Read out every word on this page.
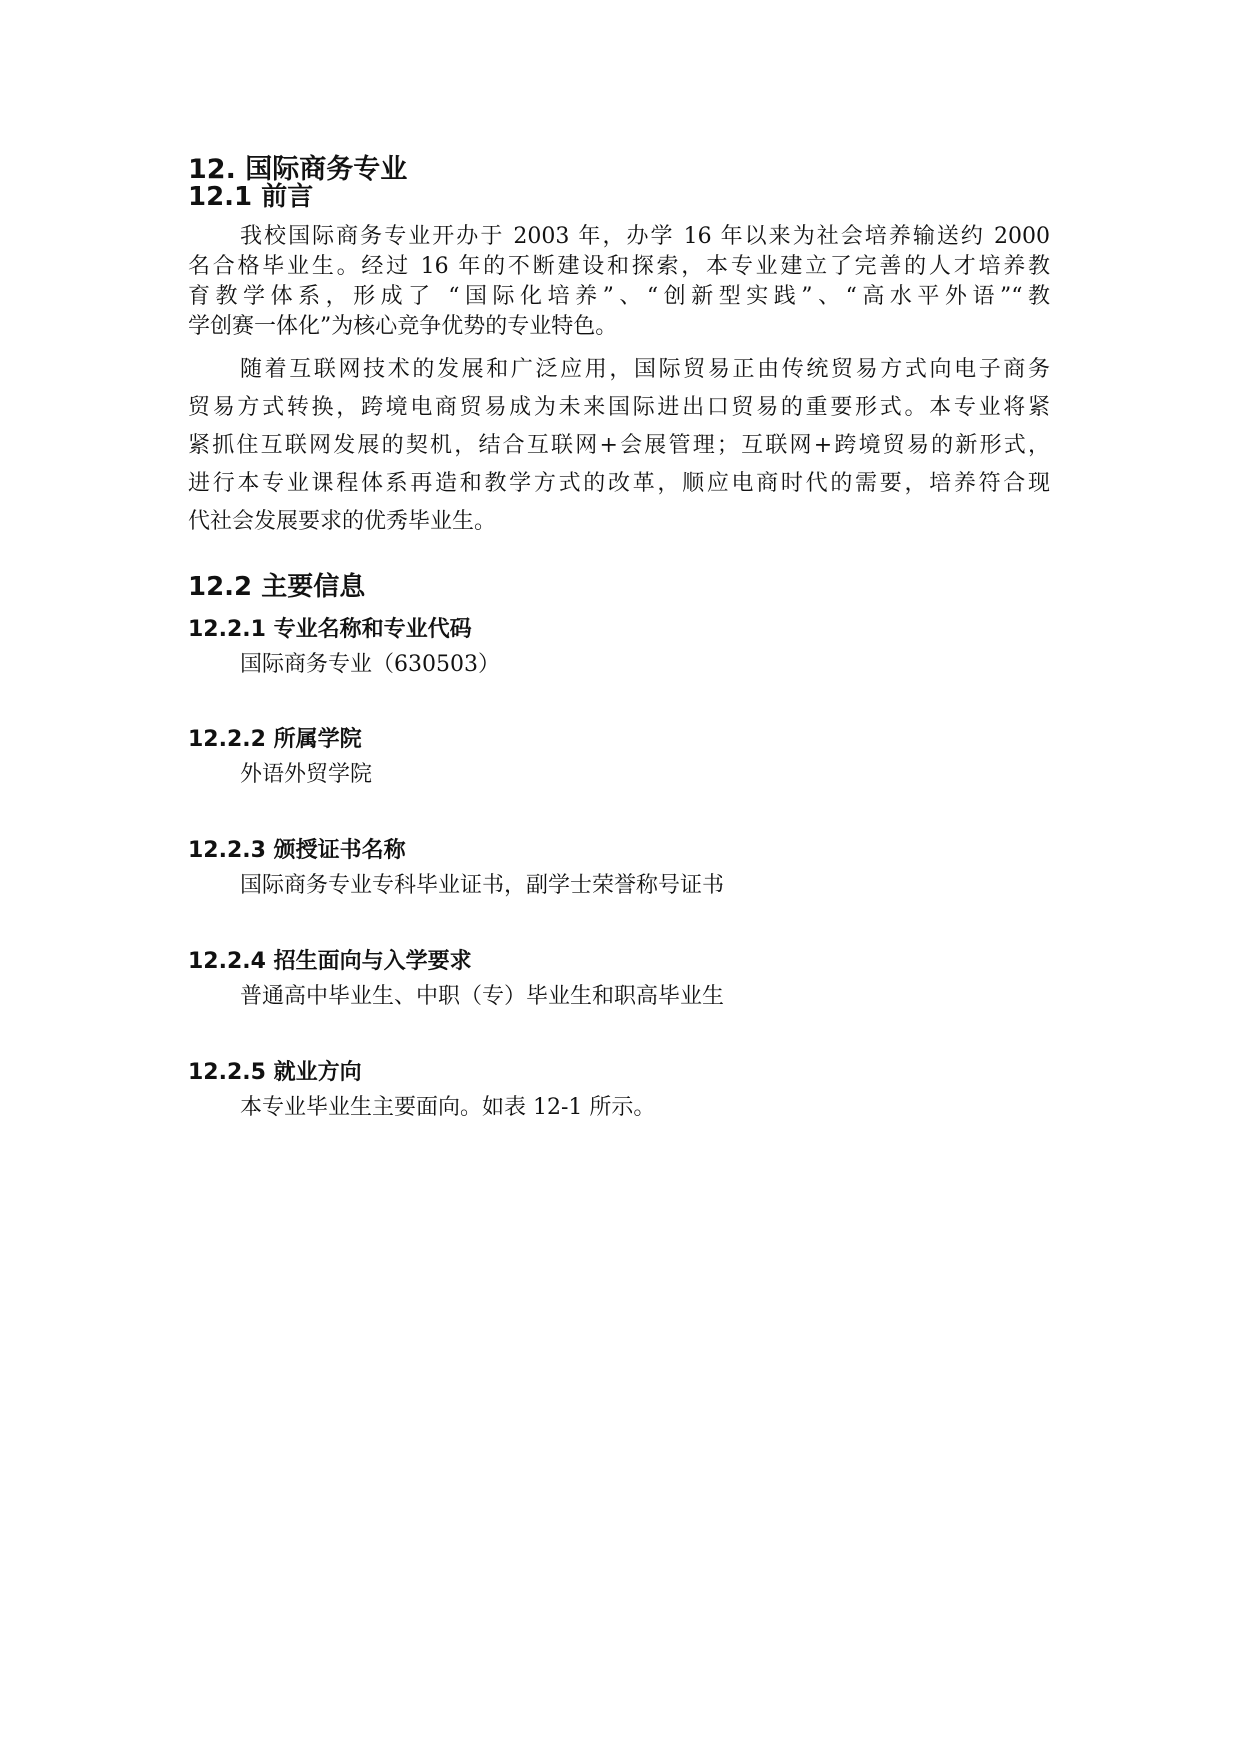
12. 国际商务专业
12.1 前言
我校国际商务专业开办于 2003 年，办学 16 年以来为社会培养输送约 2000
名合格毕业生。经过 16 年的不断建设和探索，本专业建立了完善的人才培养教
育教学体系，形成了 “国际化培养”、“创新型实践”、“高水平外语”“教
学创赛一体化”为核心竞争优势的专业特色。
随着互联网技术的发展和广泛应用，国际贸易正由传统贸易方式向电子商务
贸易方式转换，跨境电商贸易成为未来国际进出口贸易的重要形式。本专业将紧
紧抓住互联网发展的契机，结合互联网+会展管理；互联网+跨境贸易的新形式，
进行本专业课程体系再造和教学方式的改革，顺应电商时代的需要，培养符合现
代社会发展要求的优秀毕业生。
12.2 主要信息
12.2.1 专业名称和专业代码
国际商务专业（630503）
12.2.2 所属学院
外语外贸学院
12.2.3 颁授证书名称
国际商务专业专科毕业证书，副学士荣誉称号证书
12.2.4 招生面向与入学要求
普通高中毕业生、中职（专）毕业生和职高毕业生
12.2.5 就业方向
本专业毕业生主要面向。如表 12-1 所示。
